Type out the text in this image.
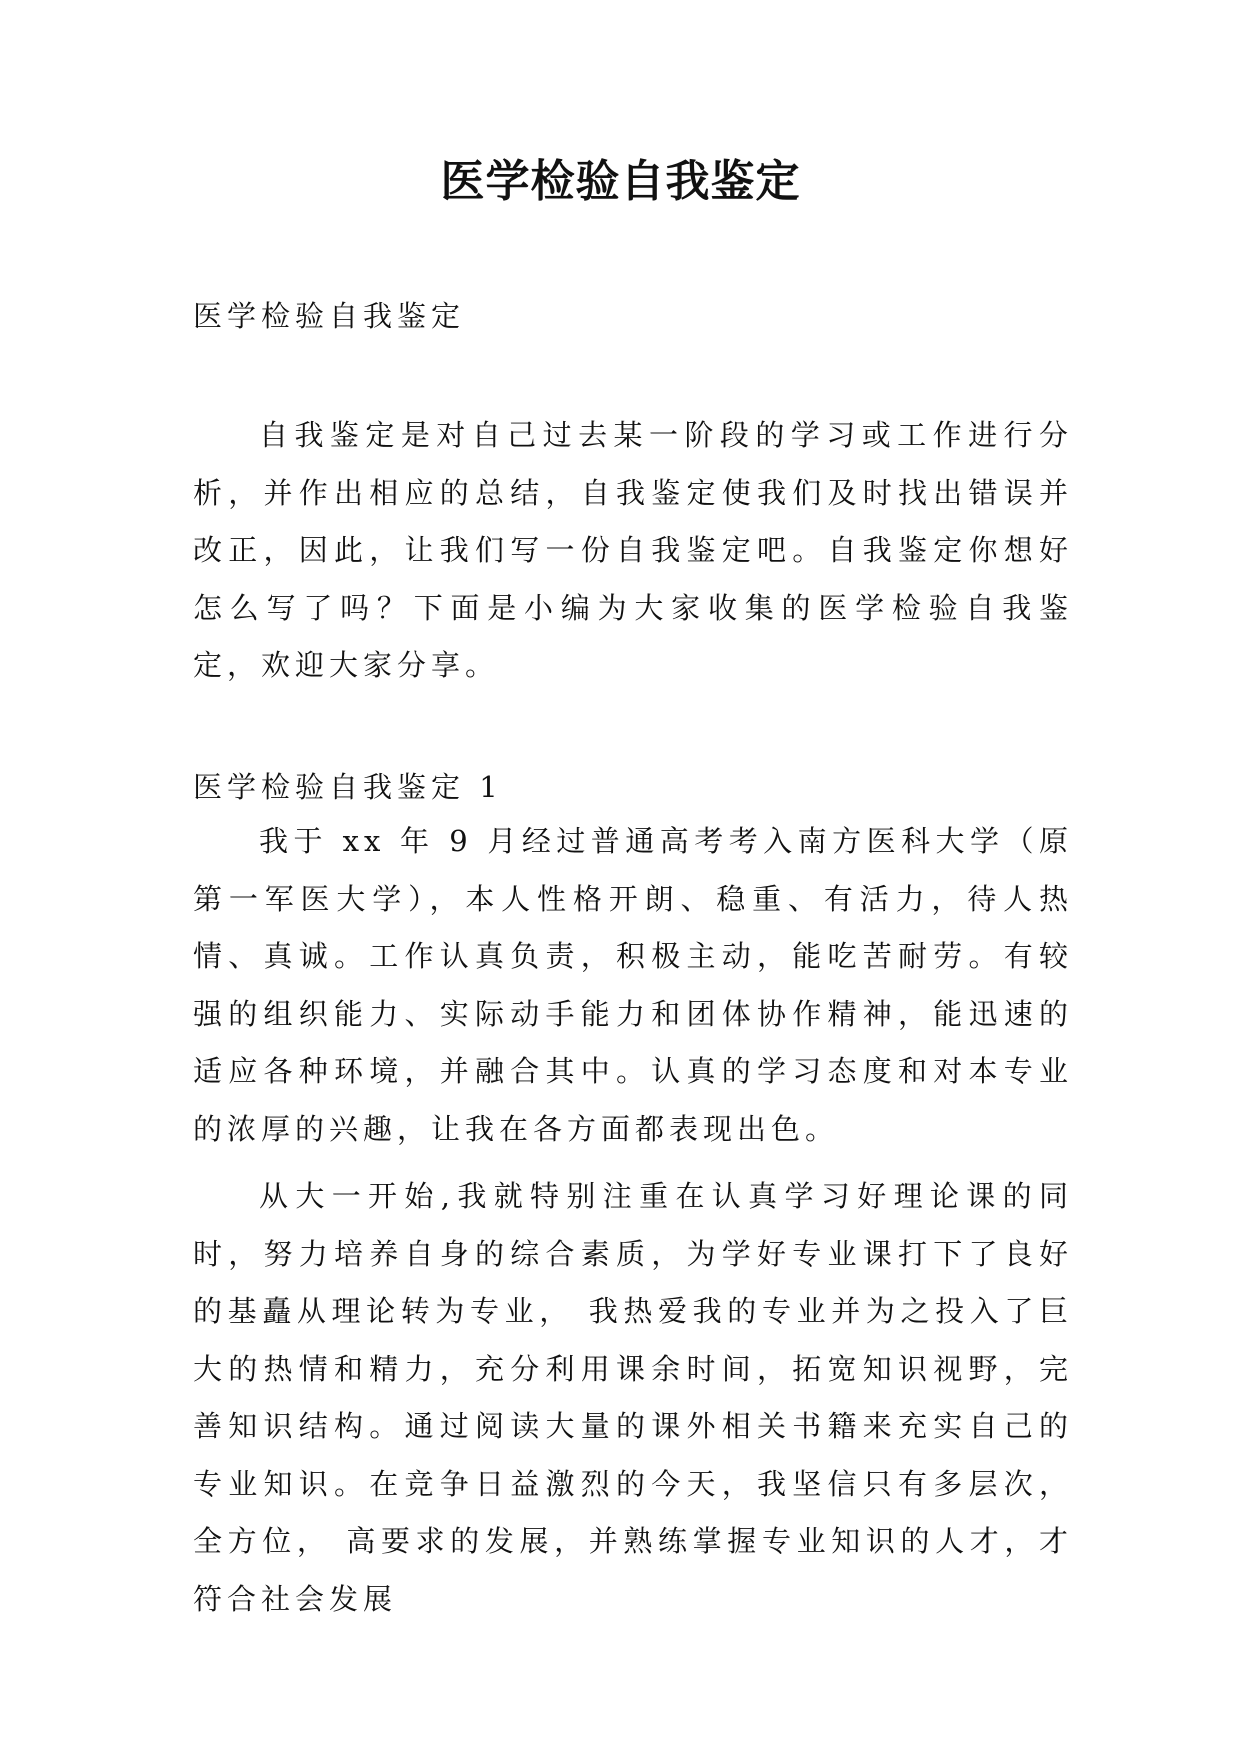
医学检验自我鉴定

医学检验自我鉴定

自我鉴定是对自己过去某一阶段的学习或工作进行分析，并作出相应的总结，自我鉴定使我们及时找出错误并改正，因此，让我们写一份自我鉴定吧。自我鉴定你想好怎么写了吗？下面是小编为大家收集的医学检验自我鉴定，欢迎大家分享。

医学检验自我鉴定 1

我于 xx 年 9 月经过普通高考考入南方医科大学（原第一军医大学），本人性格开朗、稳重、有活力，待人热情、真诚。工作认真负责，积极主动，能吃苦耐劳。有较强的组织能力、实际动手能力和团体协作精神，能迅速的适应各种环境，并融合其中。认真的学习态度和对本专业的浓厚的兴趣，让我在各方面都表现出色。

从大一开始,我就特别注重在认真学习好理论课的同时，努力培养自身的综合素质，为学好专业课打下了良好的基矗从理论转为专业， 我热爱我的专业并为之投入了巨大的热情和精力，充分利用课余时间，拓宽知识视野，完善知识结构。通过阅读大量的课外相关书籍来充实自己的专业知识。在竞争日益激烈的今天，我坚信只有多层次，全方位， 高要求的发展，并熟练掌握专业知识的人才，才符合社会发展
